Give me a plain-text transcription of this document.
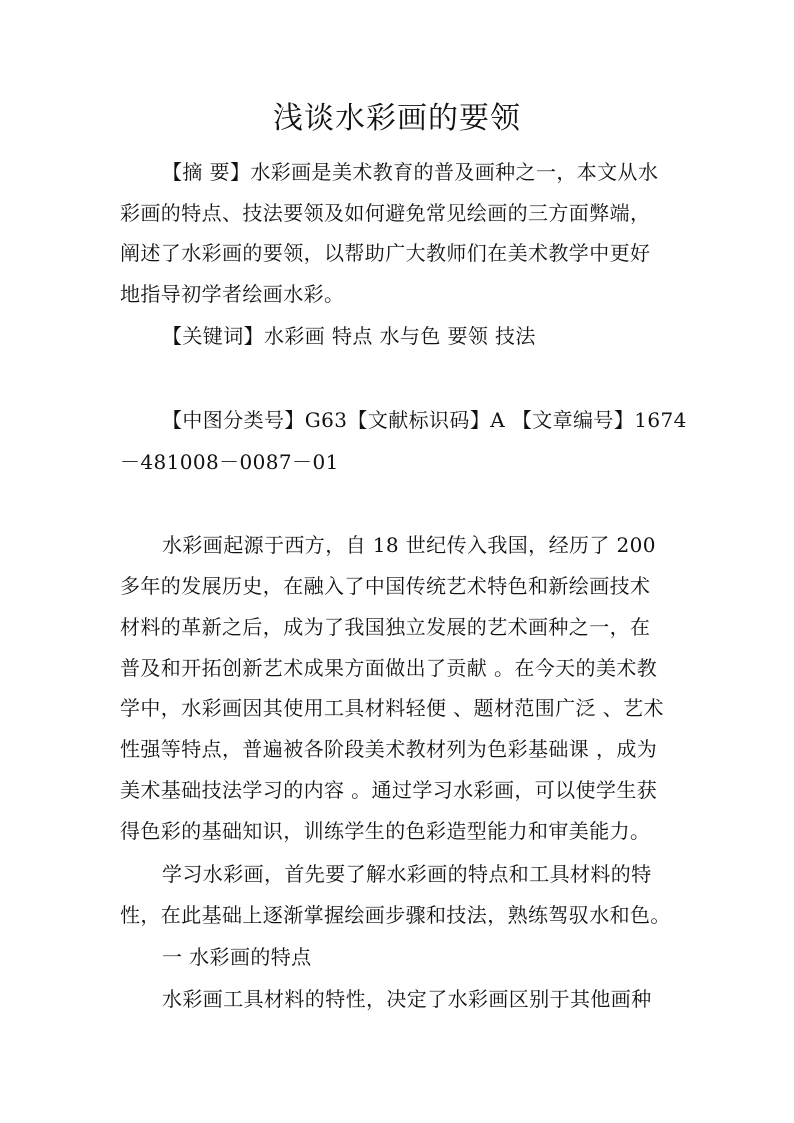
浅谈水彩画的要领
【摘 要】水彩画是美术教育的普及画种之一，本文从水
彩画的特点、技法要领及如何避免常见绘画的三方面弊端，
阐述了水彩画的要领，以帮助广大教师们在美术教学中更好
地指导初学者绘画水彩。
【关键词】水彩画 特点 水与色 要领 技法
【中图分类号】G63【文献标识码】A 【文章编号】1674
－481008－0087－01
水彩画起源于西方，自 18 世纪传入我国，经历了 200
多年的发展历史，在融入了中国传统艺术特色和新绘画技术
材料的革新之后，成为了我国独立发展的艺术画种之一，在
普及和开拓创新艺术成果方面做出了贡献 。在今天的美术教
学中，水彩画因其使用工具材料轻便 、题材范围广泛 、艺术
性强等特点，普遍被各阶段美术教材列为色彩基础课 ，成为
美术基础技法学习的内容 。通过学习水彩画，可以使学生获
得色彩的基础知识，训练学生的色彩造型能力和审美能力。
学习水彩画，首先要了解水彩画的特点和工具材料的特
性，在此基础上逐渐掌握绘画步骤和技法，熟练驾驭水和色。
一 水彩画的特点
水彩画工具材料的特性，决定了水彩画区别于其他画种
